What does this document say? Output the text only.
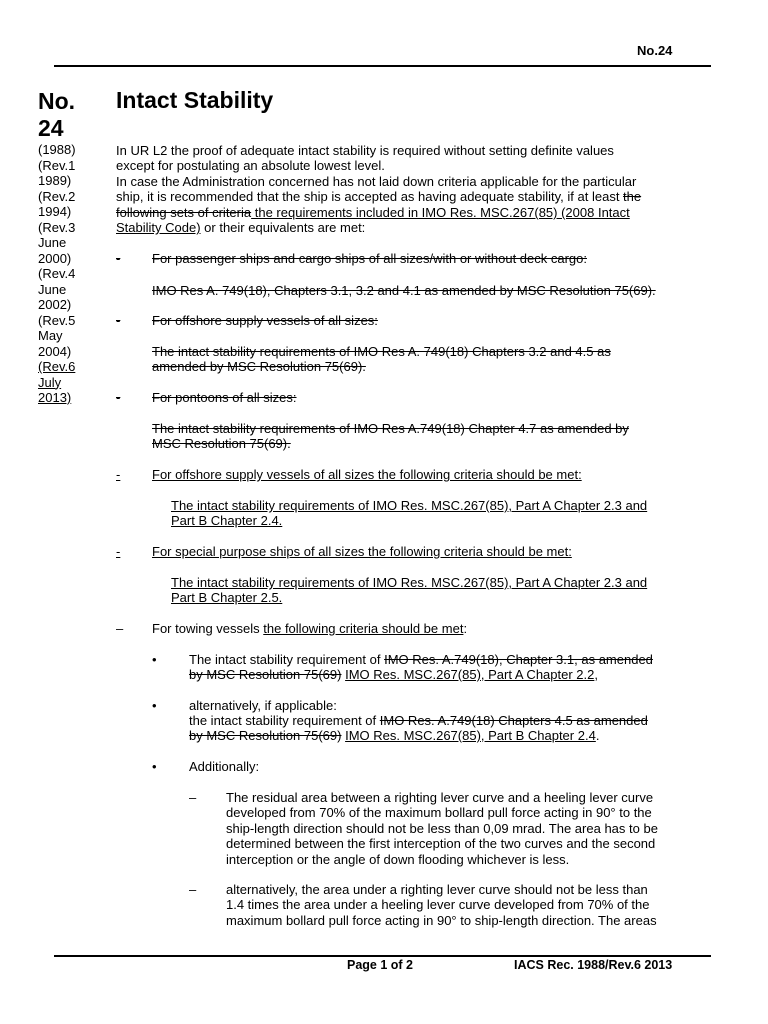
No.24
No.
24
(1988)
(Rev.1
1989)
(Rev.2
1994)
(Rev.3
June
2000)
(Rev.4
June
2002)
(Rev.5
May
2004)
(Rev.6
July
2013)
Intact Stability
In UR L2 the proof of adequate intact stability is required without setting definite values
except for postulating an absolute lowest level.
In case the Administration concerned has not laid down criteria applicable for the particular
ship, it is recommended that the ship is accepted as having adequate stability, if at least the
following sets of criteria the requirements included in IMO Res. MSC.267(85) (2008 Intact
Stability Code) or their equivalents are met:
- For passenger ships and cargo ships of all sizes/with or without deck cargo:
IMO Res A. 749(18), Chapters 3.1, 3.2 and 4.1 as amended by MSC Resolution 75(69).
- For offshore supply vessels of all sizes:
The intact stability requirements of IMO Res A. 749(18) Chapters 3.2 and 4.5 as
amended by MSC Resolution 75(69).
- For pontoons of all sizes:
The intact stability requirements of IMO Res A.749(18) Chapter 4.7 as amended by
MSC Resolution 75(69).
- For offshore supply vessels of all sizes the following criteria should be met:
The intact stability requirements of IMO Res. MSC.267(85), Part A Chapter 2.3 and
Part B Chapter 2.4.
- For special purpose ships of all sizes the following criteria should be met:
The intact stability requirements of IMO Res. MSC.267(85), Part A Chapter 2.3 and
Part B Chapter 2.5.
– For towing vessels the following criteria should be met:
• The intact stability requirement of IMO Res. A.749(18), Chapter 3.1, as amended
by MSC Resolution 75(69) IMO Res. MSC.267(85), Part A Chapter 2.2,
• alternatively, if applicable:
the intact stability requirement of IMO Res. A.749(18) Chapters 4.5 as amended
by MSC Resolution 75(69) IMO Res. MSC.267(85), Part B Chapter 2.4.
• Additionally:
– The residual area between a righting lever curve and a heeling lever curve
developed from 70% of the maximum bollard pull force acting in 90° to the
ship-length direction should not be less than 0,09 mrad. The area has to be
determined between the first interception of the two curves and the second
interception or the angle of down flooding whichever is less.
– alternatively, the area under a righting lever curve should not be less than
1.4 times the area under a heeling lever curve developed from 70% of the
maximum bollard pull force acting in 90° to ship-length direction. The areas
Page 1 of 2	IACS Rec. 1988/Rev.6 2013
